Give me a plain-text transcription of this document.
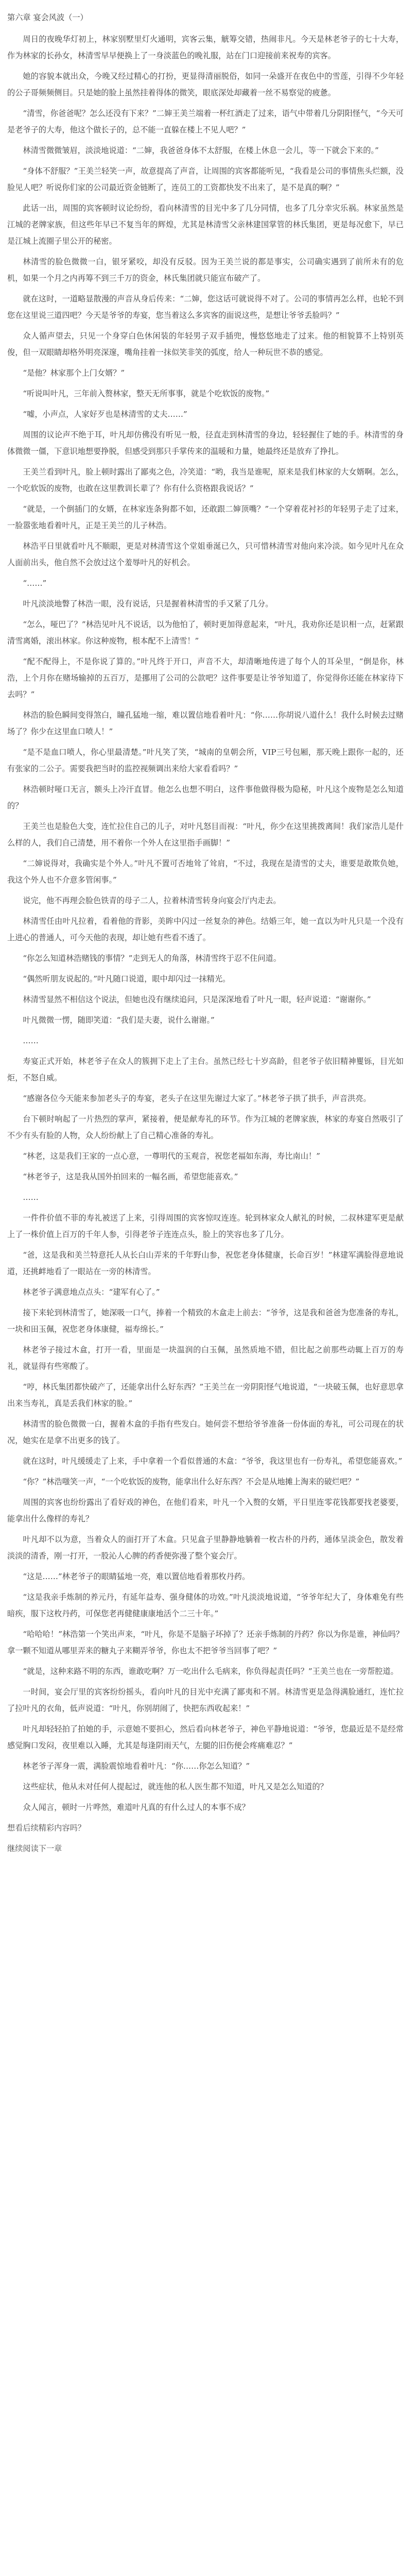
第六章 宴会风波（一）

周日的夜晚华灯初上，林家别墅里灯火通明，宾客云集，觥筹交错，热闹非凡。今天是林老爷子的七十大寿，作为林家的长孙女，林清雪早早便换上了一身淡蓝色的晚礼服，站在门口迎接前来祝寿的宾客。

她的容貌本就出众，今晚又经过精心的打扮，更显得清丽脱俗，如同一朵盛开在夜色中的雪莲，引得不少年轻的公子哥频频侧目。只是她的脸上虽然挂着得体的微笑，眼底深处却藏着一丝不易察觉的疲惫。

“清雪，你爸爸呢？怎么还没有下来？”二婶王美兰端着一杯红酒走了过来，语气中带着几分阴阳怪气，“今天可是老爷子的大寿，他这个做长子的，总不能一直躲在楼上不见人吧？”

林清雪微微皱眉，淡淡地说道：“二婶，我爸爸身体不太舒服，在楼上休息一会儿，等一下就会下来的。”

“身体不舒服？”王美兰轻笑一声，故意提高了声音，让周围的宾客都能听见，“我看是公司的事情焦头烂额，没脸见人吧？听说你们家的公司最近资金链断了，连员工的工资都快发不出来了，是不是真的啊？”

此话一出，周围的宾客顿时议论纷纷，看向林清雪的目光中多了几分同情，也多了几分幸灾乐祸。林家虽然是江城的老牌家族，但这些年早已不复当年的辉煌，尤其是林清雪父亲林建国掌管的林氏集团，更是每况愈下，早已是江城上流圈子里公开的秘密。

林清雪的脸色微微一白，银牙紧咬，却没有反驳。因为王美兰说的都是事实，公司确实遇到了前所未有的危机，如果一个月之内再筹不到三千万的资金，林氏集团就只能宣布破产了。

就在这时，一道略显散漫的声音从身后传来：“二婶，您这话可就说得不对了。公司的事情再怎么样，也轮不到您在这里说三道四吧？今天是爷爷的寿宴，您当着这么多宾客的面说这些，是想让爷爷丢脸吗？”

众人循声望去，只见一个身穿白色休闲装的年轻男子双手插兜，慢悠悠地走了过来。他的相貌算不上特别英俊，但一双眼睛却格外明亮深邃，嘴角挂着一抹似笑非笑的弧度，给人一种玩世不恭的感觉。

“是他？林家那个上门女婿？”

“听说叫叶凡，三年前入赘林家，整天无所事事，就是个吃软饭的废物。”

“嘘，小声点，人家好歹也是林清雪的丈夫……”

周围的议论声不绝于耳，叶凡却仿佛没有听见一般，径直走到林清雪的身边，轻轻握住了她的手。林清雪的身体微微一僵，下意识地想要挣脱，但感受到那只手掌传来的温暖和力量，她最终还是放弃了挣扎。

王美兰看到叶凡，脸上顿时露出了鄙夷之色，冷笑道：“哟，我当是谁呢，原来是我们林家的大女婿啊。怎么，一个吃软饭的废物，也敢在这里教训长辈了？你有什么资格跟我说话？”

“就是，一个倒插门的女婿，在林家连条狗都不如，还敢跟二婶顶嘴？”一个穿着花衬衫的年轻男子走了过来，一脸嚣张地看着叶凡，正是王美兰的儿子林浩。

林浩平日里就看叶凡不顺眼，更是对林清雪这个堂姐垂涎已久，只可惜林清雪对他向来冷淡。如今见叶凡在众人面前出头，他自然不会放过这个羞辱叶凡的好机会。

“……”

叶凡淡淡地瞥了林浩一眼，没有说话，只是握着林清雪的手又紧了几分。

“怎么，哑巴了？”林浩见叶凡不说话，以为他怕了，顿时更加得意起来，“叶凡，我劝你还是识相一点，赶紧跟清雪离婚，滚出林家。你这种废物，根本配不上清雪！”

“配不配得上，不是你说了算的。”叶凡终于开口，声音不大，却清晰地传进了每个人的耳朵里，“倒是你，林浩，上个月你在赌场输掉的五百万，是挪用了公司的公款吧？这件事要是让爷爷知道了，你觉得你还能在林家待下去吗？”

林浩的脸色瞬间变得煞白，瞳孔猛地一缩，难以置信地看着叶凡：“你……你胡说八道什么！我什么时候去过赌场了？你少在这里血口喷人！”

“是不是血口喷人，你心里最清楚。”叶凡笑了笑，“城南的皇朝会所，VIP三号包厢，那天晚上跟你一起的，还有张家的二公子。需要我把当时的监控视频调出来给大家看看吗？”

林浩顿时哑口无言，额头上冷汗直冒。他怎么也想不明白，这件事他做得极为隐秘，叶凡这个废物是怎么知道的？

王美兰也是脸色大变，连忙拉住自己的儿子，对叶凡怒目而视：“叶凡，你少在这里挑拨离间！我们家浩儿是什么样的人，我们自己清楚，用不着你一个外人在这里指手画脚！”

“二婶说得对，我确实是个外人。”叶凡不置可否地耸了耸肩，“不过，我现在是清雪的丈夫，谁要是敢欺负她，我这个外人也不介意多管闲事。”

说完，他不再理会脸色铁青的母子二人，拉着林清雪转身向宴会厅内走去。

林清雪任由叶凡拉着，看着他的背影，美眸中闪过一丝复杂的神色。结婚三年，她一直以为叶凡只是一个没有上进心的普通人，可今天他的表现，却让她有些看不透了。

“你怎么知道林浩赌钱的事情？”走到无人的角落，林清雪终于忍不住问道。

“偶然听朋友说起的。”叶凡随口说道，眼中却闪过一抹精光。

林清雪显然不相信这个说法，但她也没有继续追问，只是深深地看了叶凡一眼，轻声说道：“谢谢你。”

叶凡微微一愣，随即笑道：“我们是夫妻，说什么谢谢。”

……

寿宴正式开始，林老爷子在众人的簇拥下走上了主台。虽然已经七十岁高龄，但老爷子依旧精神矍铄，目光如炬，不怒自威。

“感谢各位今天能来参加老头子的寿宴，老头子在这里先谢过大家了。”林老爷子拱了拱手，声音洪亮。

台下顿时响起了一片热烈的掌声，紧接着，便是献寿礼的环节。作为江城的老牌家族，林家的寿宴自然吸引了不少有头有脸的人物，众人纷纷献上了自己精心准备的寿礼。

“林老，这是我们王家的一点心意，一尊明代的玉观音，祝您老福如东海，寿比南山！”

“林老爷子，这是我从国外拍回来的一幅名画，希望您能喜欢。”

……

一件件价值不菲的寿礼被送了上来，引得周围的宾客惊叹连连。轮到林家众人献礼的时候，二叔林建军更是献上了一株价值上百万的千年人参，引得老爷子连连点头，脸上的笑容也多了几分。

“爸，这是我和美兰特意托人从长白山弄来的千年野山参，祝您老身体健康，长命百岁！”林建军满脸得意地说道，还挑衅地看了一眼站在一旁的林清雪。

林老爷子满意地点点头：“建军有心了。”

接下来轮到林清雪了，她深吸一口气，捧着一个精致的木盒走上前去：“爷爷，这是我和爸爸为您准备的寿礼，一块和田玉佩，祝您老身体康健，福寿绵长。”

林老爷子接过木盒，打开一看，里面是一块温润的白玉佩，虽然质地不错，但比起之前那些动辄上百万的寿礼，就显得有些寒酸了。

“哼，林氏集团都快破产了，还能拿出什么好东西？”王美兰在一旁阴阳怪气地说道，“一块破玉佩，也好意思拿出来当寿礼，真是丢我们林家的脸。”

林清雪的脸色微微一白，握着木盒的手指有些发白。她何尝不想给爷爷准备一份体面的寿礼，可公司现在的状况，她实在是拿不出更多的钱了。

就在这时，叶凡缓缓走了上来，手中拿着一个看似普通的木盒：“爷爷，我这里也有一份寿礼，希望您能喜欢。”

“你？”林浩嗤笑一声，“一个吃软饭的废物，能拿出什么好东西？不会是从地摊上淘来的破烂吧？”

周围的宾客也纷纷露出了看好戏的神色，在他们看来，叶凡一个入赘的女婿，平日里连零花钱都要找老婆要，能拿出什么像样的寿礼？

叶凡却不以为意，当着众人的面打开了木盒。只见盒子里静静地躺着一枚古朴的丹药，通体呈淡金色，散发着淡淡的清香，刚一打开，一股沁人心脾的药香便弥漫了整个宴会厅。

“这是……”林老爷子的眼睛猛地一亮，难以置信地看着那枚丹药。

“这是我亲手炼制的养元丹，有延年益寿、强身健体的功效。”叶凡淡淡地说道，“爷爷年纪大了，身体难免有些暗疾，服下这枚丹药，可保您老再健健康康地活个二三十年。”

“哈哈哈！”林浩第一个笑出声来，“叶凡，你是不是脑子坏掉了？还亲手炼制的丹药？你以为你是谁，神仙吗？拿一颗不知道从哪里弄来的糖丸子来糊弄爷爷，你也太不把爷爷当回事了吧？”

“就是，这种来路不明的东西，谁敢吃啊？万一吃出什么毛病来，你负得起责任吗？”王美兰也在一旁帮腔道。

一时间，宴会厅里的宾客纷纷摇头，看向叶凡的目光中充满了鄙夷和不屑。林清雪更是急得满脸通红，连忙拉了拉叶凡的衣角，低声说道：“叶凡，你别胡闹了，快把东西收起来！”

叶凡却轻轻拍了拍她的手，示意她不要担心，然后看向林老爷子，神色平静地说道：“爷爷，您最近是不是经常感觉胸口发闷，夜里难以入睡，尤其是每逢阴雨天气，左腿的旧伤便会疼痛难忍？”

林老爷子浑身一震，满脸震惊地看着叶凡：“你……你怎么知道？”

这些症状，他从未对任何人提起过，就连他的私人医生都不知道，叶凡又是怎么知道的？

众人闻言，顿时一片哗然，难道叶凡真的有什么过人的本事不成？

想看后续精彩内容吗？

继续阅读下一章
